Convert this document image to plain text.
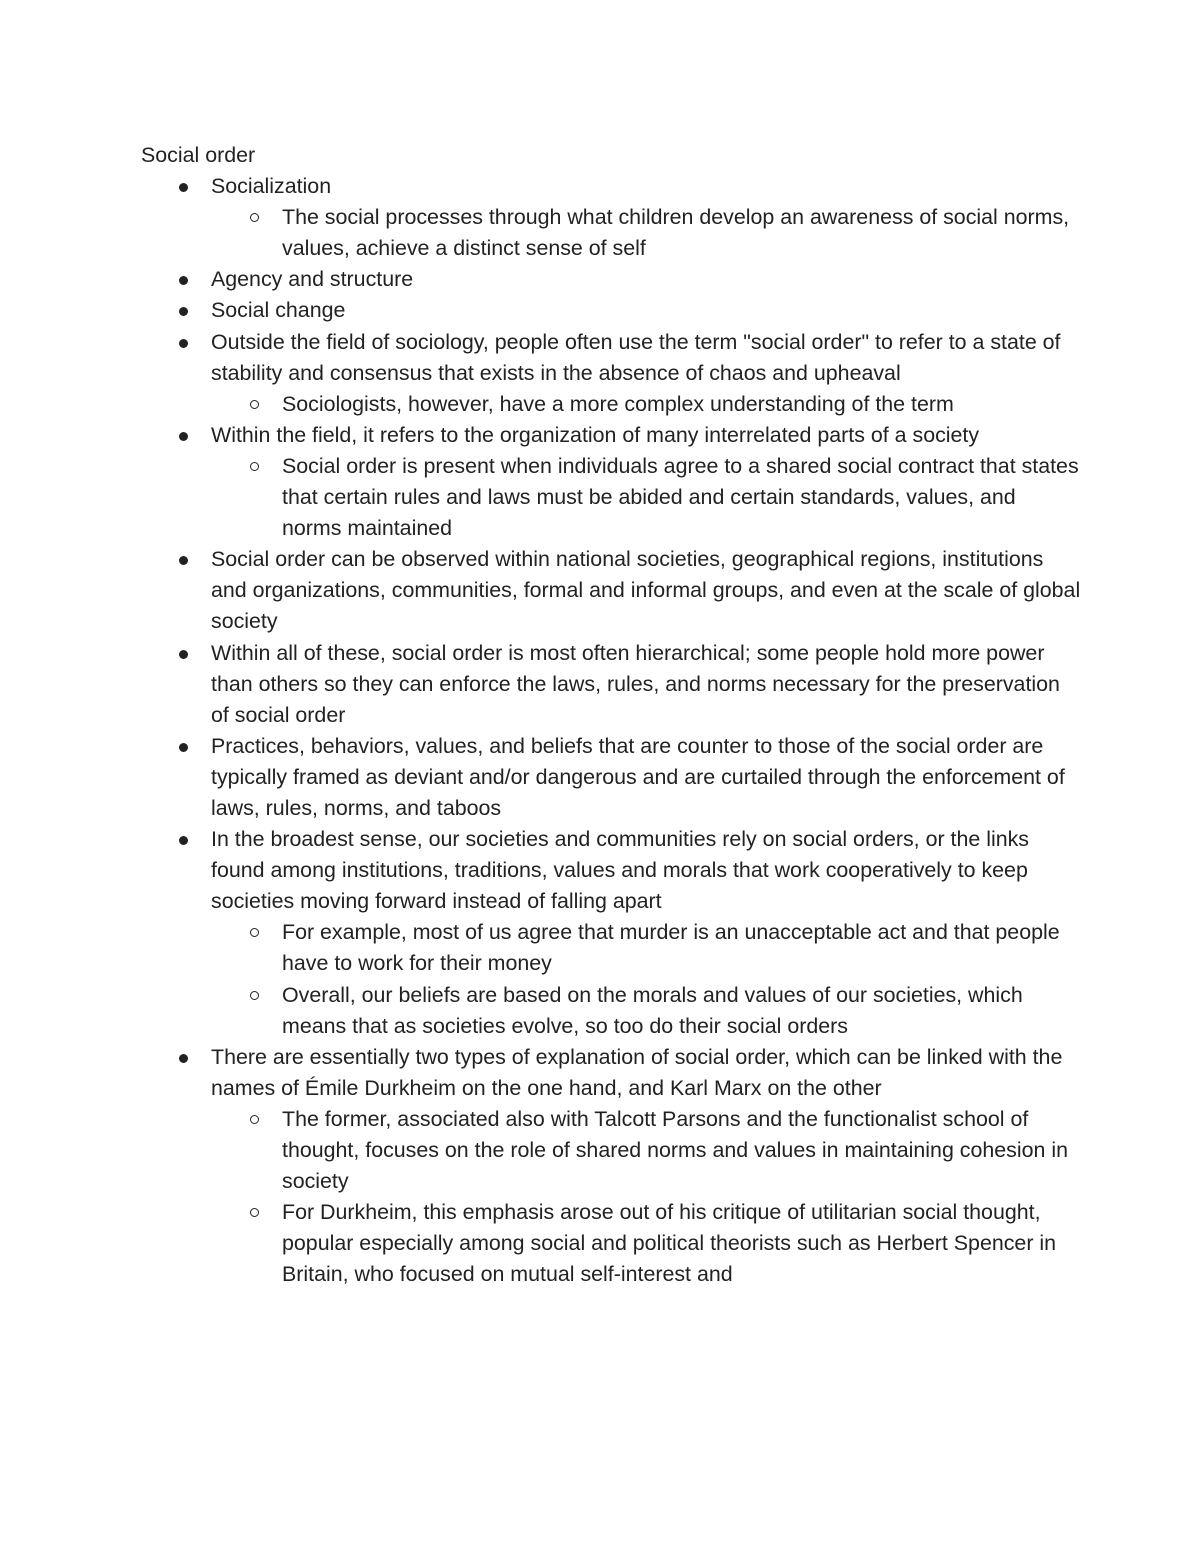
Social order
Socialization
The social processes through what children develop an awareness of social norms, values, achieve a distinct sense of self
Agency and structure
Social change
Outside the field of sociology, people often use the term "social order" to refer to a state of stability and consensus that exists in the absence of chaos and upheaval
Sociologists, however, have a more complex understanding of the term
Within the field, it refers to the organization of many interrelated parts of a society
Social order is present when individuals agree to a shared social contract that states that certain rules and laws must be abided and certain standards, values, and norms maintained
Social order can be observed within national societies, geographical regions, institutions and organizations, communities, formal and informal groups, and even at the scale of global society
Within all of these, social order is most often hierarchical; some people hold more power than others so they can enforce the laws, rules, and norms necessary for the preservation of social order
Practices, behaviors, values, and beliefs that are counter to those of the social order are typically framed as deviant and/or dangerous and are curtailed through the enforcement of laws, rules, norms, and taboos
In the broadest sense, our societies and communities rely on social orders, or the links found among institutions, traditions, values and morals that work cooperatively to keep societies moving forward instead of falling apart
For example, most of us agree that murder is an unacceptable act and that people have to work for their money
Overall, our beliefs are based on the morals and values of our societies, which means that as societies evolve, so too do their social orders
There are essentially two types of explanation of social order, which can be linked with the names of Émile Durkheim on the one hand, and Karl Marx on the other
The former, associated also with Talcott Parsons and the functionalist school of thought, focuses on the role of shared norms and values in maintaining cohesion in society
For Durkheim, this emphasis arose out of his critique of utilitarian social thought, popular especially among social and political theorists such as Herbert Spencer in Britain, who focused on mutual self-interest and
